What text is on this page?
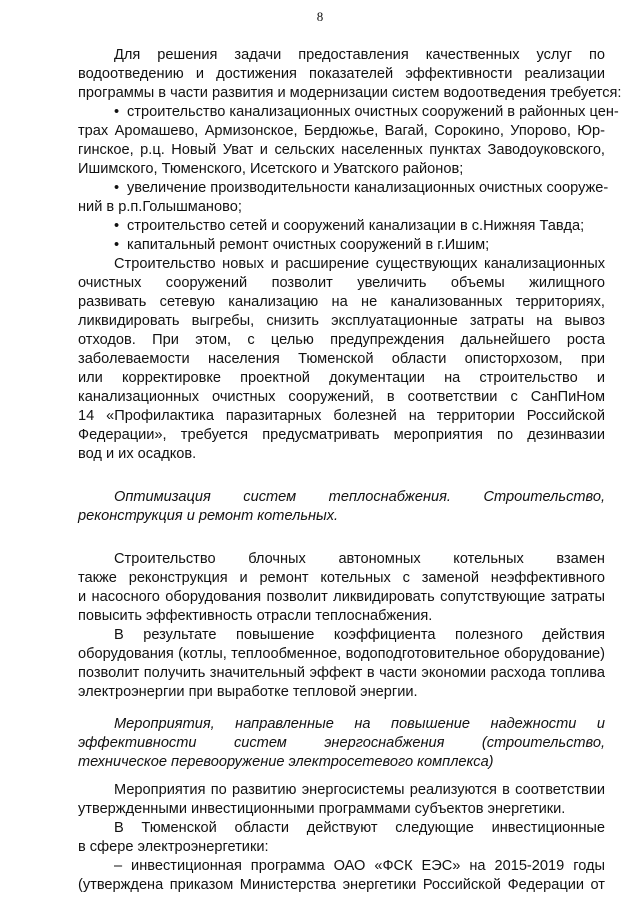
8
Для решения задачи предоставления качественных услуг по
водоотведению и достижения показателей эффективности реализации
программы в части развития и модернизации систем водоотведения требуется:
• строительство канализационных очистных сооружений в районных цен-
трах Аромашево, Армизонское, Бердюжье, Вагай, Сорокино, Упорово, Юр-
гинское, р.ц. Новый Уват и сельских населенных пунктах Заводоуковского,
Ишимского, Тюменского, Исетского и Уватского районов;
• увеличение производительности канализационных очистных сооруже-
ний в р.п.Голышманово;
• строительство сетей и сооружений канализации в с.Нижняя Тавда;
• капитальный ремонт очистных сооружений в г.Ишим;
Строительство новых и расширение существующих канализационных
очистных сооружений позволит увеличить объемы жилищного
развивать сетевую канализацию на не канализованных территориях,
ликвидировать выгребы, снизить эксплуатационные затраты на вывоз
отходов. При этом, с целью предупреждения дальнейшего роста
заболеваемости населения Тюменской области описторхозом, при
или корректировке проектной документации на строительство и
канализационных очистных сооружений, в соответствии с СанПиНом
14 «Профилактика паразитарных болезней на территории Российской
Федерации», требуется предусматривать мероприятия по дезинвазии
вод и их осадков.
Оптимизация систем теплоснабжения. Строительство,
реконструкция и ремонт котельных.
Строительство блочных автономных котельных взамен
также реконструкция и ремонт котельных с заменой неэффективного
и насосного оборудования позволит ликвидировать сопутствующие затраты
повысить эффективность отрасли теплоснабжения.
В результате повышение коэффициента полезного действия
оборудования (котлы, теплообменное, водоподготовительное оборудование)
позволит получить значительный эффект в части экономии расхода топлива
электроэнергии при выработке тепловой энергии.
Мероприятия, направленные на повышение надежности и
эффективности систем энергоснабжения (строительство,
техническое перевооружение электросетевого комплекса)
Мероприятия по развитию энергосистемы реализуются в соответствии
утвержденными инвестиционными программами субъектов энергетики.
В Тюменской области действуют следующие инвестиционные
в сфере электроэнергетики:
– инвестиционная программа ОАО «ФСК ЕЭС» на 2015-2019 годы
(утверждена приказом Министерства энергетики Российской Федерации от
